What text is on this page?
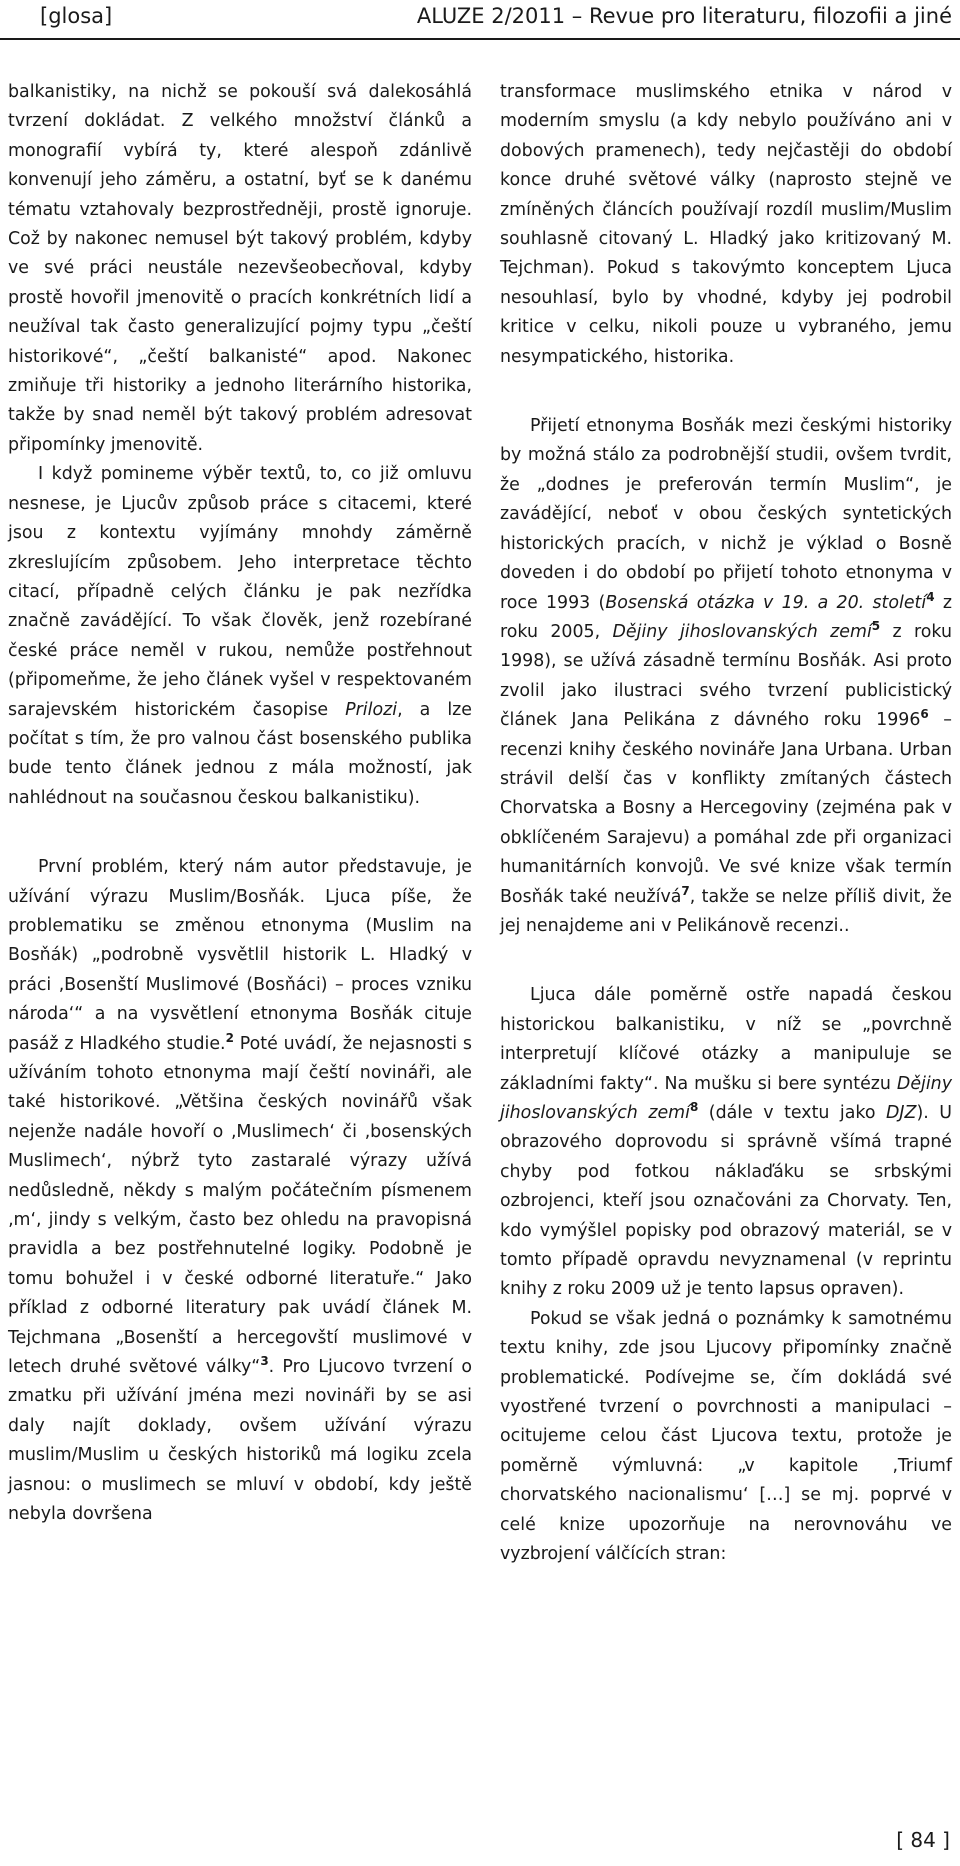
[glosa]	ALUZE 2/2011 – Revue pro literaturu, filozofii a jiné

balkanistiky, na nichž se pokouší svá dalekosáhlá tvrzení dokládat. Z velkého množství článků a monografií vybírá ty, které alespoň zdánlivě konvenují jeho záměru, a ostatní, byť se k danému tématu vztahovaly bezprostředněji, prostě ignoruje. Což by nakonec nemusel být takový problém, kdyby ve své práci neustále nezevšeobecňoval, kdyby prostě hovořil jmenovitě o pracích konkrétních lidí a neužíval tak často generalizující pojmy typu „čeští historikové“, „čeští balkanisté“ apod. Nakonec zmiňuje tři historiky a jednoho literárního historika, takže by snad neměl být takový problém adresovat připomínky jmenovitě.

I když pomineme výběr textů, to, co již omluvu nesnese, je Ljucův způsob práce s citacemi, které jsou z kontextu vyjímány mnohdy záměrně zkreslujícím způsobem. Jeho interpretace těchto citací, případně celých článku je pak nezřídka značně zavádějící. To však člověk, jenž rozebírané české práce neměl v rukou, nemůže postřehnout (připomeňme, že jeho článek vyšel v respektovaném sarajevském historickém časopise Prilozi, a lze počítat s tím, že pro valnou část bosenského publika bude tento článek jednou z mála možností, jak nahlédnout na současnou českou balkanistiku).

První problém, který nám autor představuje, je užívání výrazu Muslim/Bosňák. Ljuca píše, že problematiku se změnou etnonyma (Muslim na Bosňák) „podrobně vysvětlil historik L. Hladký v práci ‚Bosenští Muslimové (Bosňáci) – proces vzniku národa‘“ a na vysvětlení etnonyma Bosňák cituje pasáž z Hladkého studie.$^2$ Poté uvádí, že nejasnosti s užíváním tohoto etnonyma mají čeští novináři, ale také historikové. „Většina českých novinářů však nejenže nadále hovoří o ‚Muslimech‘ či ‚bosenských Muslimech‘, nýbrž tyto zastaralé výrazy užívá nedůsledně, někdy s malým počátečním písmenem ‚m‘, jindy s velkým, často bez ohledu na pravopisná pravidla a bez postřehnutelné logiky. Podobně je tomu bohužel i v české odborné literatuře.“ Jako příklad z odborné literatury pak uvádí článek M. Tejchmana „Bosenští a hercegovští muslimové v letech druhé světové války“$^3$. Pro Ljucovo tvrzení o zmatku při užívání jména mezi novináři by se asi daly najít doklady, ovšem užívání výrazu muslim/Muslim u českých historiků má logiku zcela jasnou: o muslimech se mluví v období, kdy ještě nebyla dovršena

transformace muslimského etnika v národ v moderním smyslu (a kdy nebylo používáno ani v dobových pramenech), tedy nejčastěji do období konce druhé světové války (naprosto stejně ve zmíněných článcích používají rozdíl muslim/Muslim souhlasně citovaný L. Hladký jako kritizovaný M. Tejchman). Pokud s takovýmto konceptem Ljuca nesouhlasí, bylo by vhodné, kdyby jej podrobil kritice v celku, nikoli pouze u vybraného, jemu nesympatického, historika.

Přijetí etnonyma Bosňák mezi českými historiky by možná stálo za podrobnější studii, ovšem tvrdit, že „dodnes je preferován termín Muslim“, je zavádějící, neboť v obou českých syntetických historických pracích, v nichž je výklad o Bosně doveden i do období po přijetí tohoto etnonyma v roce 1993 (Bosenská otázka v 19. a 20. století$^4$ z roku 2005, Dějiny jihoslovanských zemí$^5$ z roku 1998), se užívá zásadně termínu Bosňák. Asi proto zvolil jako ilustraci svého tvrzení publicistický článek Jana Pelikána z dávného roku 1996$^6$ – recenzi knihy českého novináře Jana Urbana. Urban strávil delší čas v konflikty zmítaných částech Chorvatska a Bosny a Hercegoviny (zejména pak v obklíčeném Sarajevu) a pomáhal zde při organizaci humanitárních konvojů. Ve své knize však termín Bosňák také neužívá$^7$, takže se nelze příliš divit, že jej nenajdeme ani v Pelikánově recenzi..

Ljuca dále poměrně ostře napadá českou historickou balkanistiku, v níž se „povrchně interpretují klíčové otázky a manipuluje se základními fakty“. Na mušku si bere syntézu Dějiny jihoslovanských zemí$^8$ (dále v textu jako DJZ). U obrazového doprovodu si správně všímá trapné chyby pod fotkou náklaďáku se srbskými ozbrojenci, kteří jsou označováni za Chorvaty. Ten, kdo vymýšlel popisky pod obrazový materiál, se v tomto případě opravdu nevyznamenal (v reprintu knihy z roku 2009 už je tento lapsus opraven).

Pokud se však jedná o poznámky k samotnému textu knihy, zde jsou Ljucovy připomínky značně problematické. Podívejme se, čím dokládá své vyostřené tvrzení o povrchnosti a manipulaci – ocitujeme celou část Ljucova textu, protože je poměrně výmluvná: „v kapitole ‚Triumf chorvatského nacionalismu‘ […] se mj. poprvé v celé knize upozorňuje na nerovnováhu ve vyzbrojení válčících stran:

[ 84 ]
